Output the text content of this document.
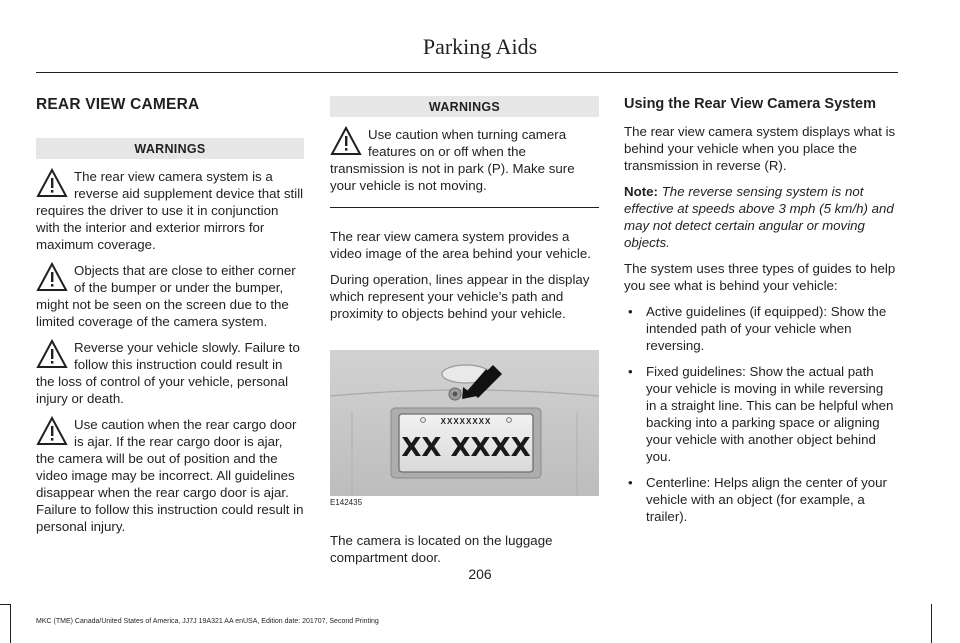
Parking Aids
REAR VIEW CAMERA
WARNINGS
The rear view camera system is a reverse aid supplement device that still requires the driver to use it in conjunction with the interior and exterior mirrors for maximum coverage.
Objects that are close to either corner of the bumper or under the bumper, might not be seen on the screen due to the limited coverage of the camera system.
Reverse your vehicle slowly. Failure to follow this instruction could result in the loss of control of your vehicle, personal injury or death.
Use caution when the rear cargo door is ajar. If the rear cargo door is ajar, the camera will be out of position and the video image may be incorrect. All guidelines disappear when the rear cargo door is ajar. Failure to follow this instruction could result in personal injury.
WARNINGS
Use caution when turning camera features on or off when the transmission is not in park (P). Make sure your vehicle is not moving.

The rear view camera system provides a video image of the area behind your vehicle.

During operation, lines appear in the display which represent your vehicle’s path and proximity to objects behind your vehicle.

XXXXXXXX
XX XXXX
E142435

The camera is located on the luggage compartment door.

Using the Rear View Camera System

The rear view camera system displays what is behind your vehicle when you place the transmission in reverse (R).

Note: The reverse sensing system is not effective at speeds above 3 mph (5 km/h) and may not detect certain angular or moving objects.

The system uses three types of guides to help you see what is behind your vehicle:

• Active guidelines (if equipped): Show the intended path of your vehicle when reversing.
• Fixed guidelines: Show the actual path your vehicle is moving in while reversing in a straight line. This can be helpful when backing into a parking space or aligning your vehicle with another object behind you.
• Centerline: Helps align the center of your vehicle with an object (for example, a trailer).
206
MKC (TME) Canada/United States of America, JJ7J 19A321 AA enUSA, Edition date: 201707, Second Printing
